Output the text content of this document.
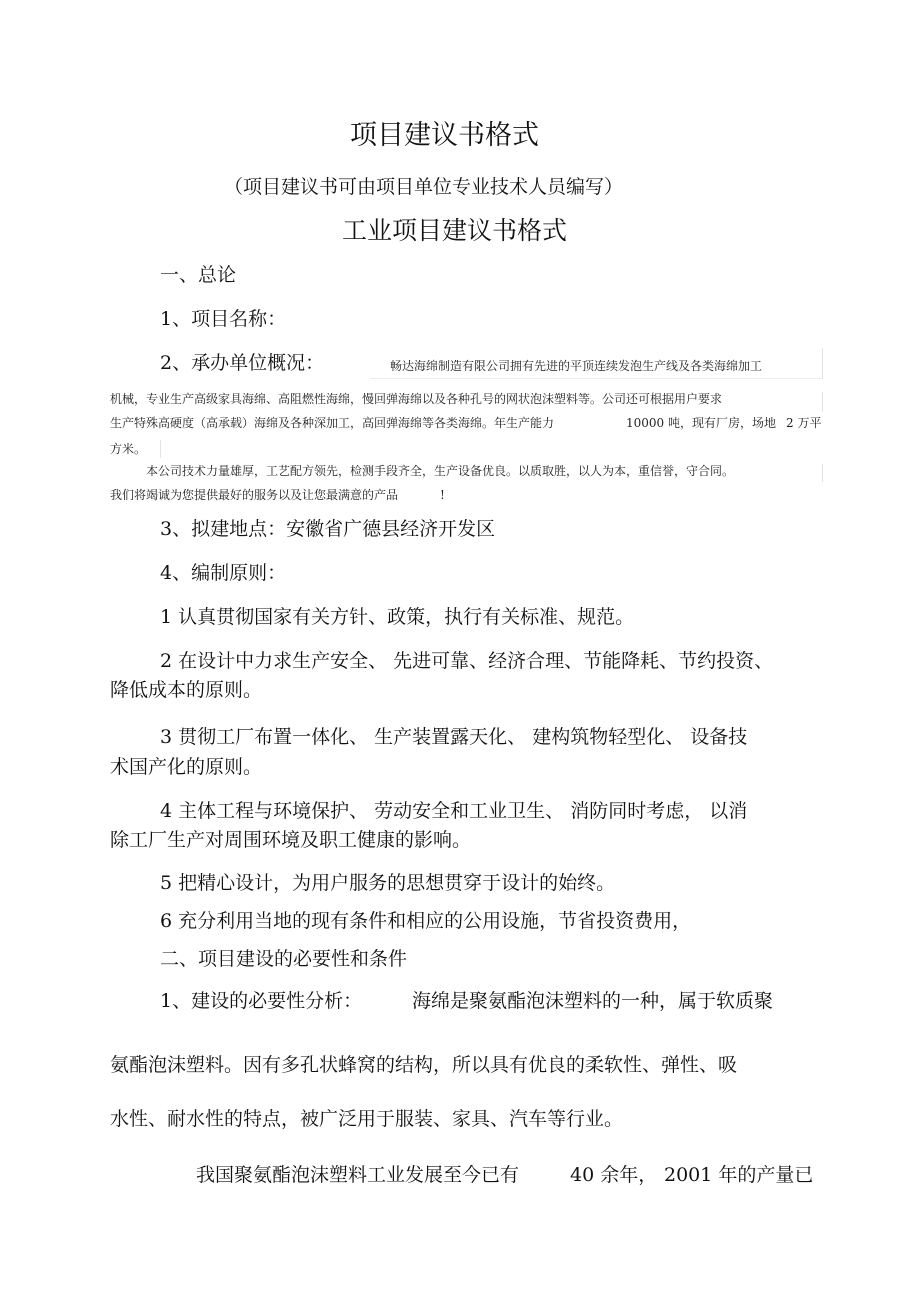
项目建议书格式
（项目建议书可由项目单位专业技术人员编写）
工业项目建议书格式
一、总论
1、项目名称：
2、承办单位概况：	畅达海绵制造有限公司拥有先进的平顶连续发泡生产线及各类海绵加工
机械，专业生产高级家具海绵、高阻燃性海绵，慢回弹海绵以及各种孔号的网状泡沫塑料等。公司还可根据用户要求
生产特殊高硬度（高承载）海绵及各种深加工，高回弹海绵等各类海绵。年生产能力	10000 吨，现有厂房，场地 2 万平
方米。
本公司技术力量雄厚，工艺配方领先，检测手段齐全，生产设备优良。以质取胜，以人为本，重信誉，守合同。
我们将竭诚为您提供最好的服务以及让您最满意的产品	!
3、拟建地点：安徽省广德县经济开发区
4、编制原则：
1 认真贯彻国家有关方针、政策，执行有关标准、规范。
2 在设计中力求生产安全、 先进可靠、经济合理、节能降耗、节约投资、
降低成本的原则。
3 贯彻工厂布置一体化、 生产装置露天化、 建构筑物轻型化、 设备技
术国产化的原则。
4 主体工程与环境保护、 劳动安全和工业卫生、 消防同时考虑， 以消
除工厂生产对周围环境及职工健康的影响。
5 把精心设计，为用户服务的思想贯穿于设计的始终。
6 充分利用当地的现有条件和相应的公用设施，节省投资费用，
二、项目建设的必要性和条件
1、建设的必要性分析：	海绵是聚氨酯泡沫塑料的一种，属于软质聚
氨酯泡沫塑料。因有多孔状蜂窝的结构，所以具有优良的柔软性、弹性、吸
水性、耐水性的特点，被广泛用于服装、家具、汽车等行业。
我国聚氨酯泡沫塑料工业发展至今已有	40 余年， 2001 年的产量已
